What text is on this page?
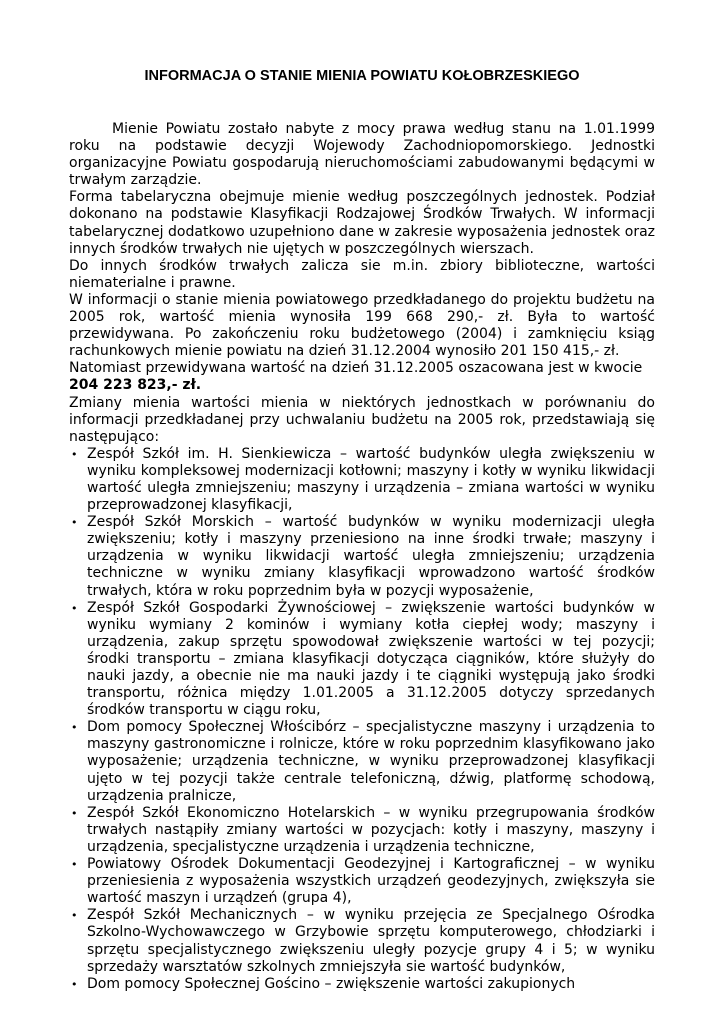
INFORMACJA O STANIE MIENIA POWIATU KOŁOBRZESKIEGO

Mienie Powiatu zostało nabyte z mocy prawa według stanu na 1.01.1999 roku na podstawie decyzji Wojewody Zachodniopomorskiego. Jednostki organizacyjne Powiatu gospodarują nieruchomościami zabudowanymi będącymi w trwałym zarządzie.

Forma tabelaryczna obejmuje mienie według poszczególnych jednostek. Podział dokonano na podstawie Klasyfikacji Rodzajowej Środków Trwałych. W informacji tabelarycznej dodatkowo uzupełniono dane w zakresie wyposażenia jednostek oraz innych środków trwałych nie ujętych w poszczególnych wierszach.

Do innych środków trwałych zalicza sie m.in. zbiory biblioteczne, wartości niematerialne i prawne.

W informacji o stanie mienia powiatowego przedkładanego do projektu budżetu na 2005 rok, wartość mienia wynosiła 199 668 290,- zł. Była to wartość przewidywana. Po zakończeniu roku budżetowego (2004) i zamknięciu ksiąg rachunkowych mienie powiatu na dzień 31.12.2004 wynosiło 201 150 415,- zł.

Natomiast przewidywana wartość na dzień 31.12.2005 oszacowana jest w kwocie
204 223 823,- zł.

Zmiany mienia wartości mienia w niektórych jednostkach w porównaniu do informacji przedkładanej przy uchwalaniu budżetu na 2005 rok, przedstawiają się następująco:

• Zespół Szkół im. H. Sienkiewicza – wartość budynków uległa zwiększeniu w wyniku kompleksowej modernizacji kotłowni; maszyny i kotły w wyniku likwidacji wartość uległa zmniejszeniu; maszyny i urządzenia – zmiana wartości w wyniku przeprowadzonej klasyfikacji,
• Zespół Szkół Morskich – wartość budynków w wyniku modernizacji uległa zwiększeniu; kotły i maszyny przeniesiono na inne środki trwałe; maszyny i urządzenia w wyniku likwidacji wartość uległa zmniejszeniu; urządzenia techniczne w wyniku zmiany klasyfikacji wprowadzono wartość środków trwałych, która w roku poprzednim była w pozycji wyposażenie,
• Zespół Szkół Gospodarki Żywnościowej – zwiększenie wartości budynków w wyniku wymiany 2 kominów i wymiany kotła ciepłej wody; maszyny i urządzenia, zakup sprzętu spowodował zwiększenie wartości w tej pozycji; środki transportu – zmiana klasyfikacji dotycząca ciągników, które służyły do nauki jazdy, a obecnie nie ma nauki jazdy i te ciągniki występują jako środki transportu, różnica między 1.01.2005 a 31.12.2005 dotyczy sprzedanych środków transportu w ciągu roku,
• Dom pomocy Społecznej Włościbórz – specjalistyczne maszyny i urządzenia to maszyny gastronomiczne i rolnicze, które w roku poprzednim klasyfikowano jako wyposażenie; urządzenia techniczne, w wyniku przeprowadzonej klasyfikacji ujęto w tej pozycji także centrale telefoniczną, dźwig, platformę schodową, urządzenia pralnicze,
• Zespół Szkół Ekonomiczno Hotelarskich – w wyniku przegrupowania środków trwałych nastąpiły zmiany wartości w pozycjach: kotły i maszyny, maszyny i urządzenia, specjalistyczne urządzenia i urządzenia techniczne,
• Powiatowy Ośrodek Dokumentacji Geodezyjnej i Kartograficznej – w wyniku przeniesienia z wyposażenia wszystkich urządzeń geodezyjnych, zwiększyła sie wartość maszyn i urządzeń (grupa 4),
• Zespół Szkół Mechanicznych – w wyniku przejęcia ze Specjalnego Ośrodka Szkolno-Wychowawczego w Grzybowie sprzętu komputerowego, chłodziarki i sprzętu specjalistycznego zwiększeniu uległy pozycje grupy 4 i 5; w wyniku sprzedaży warsztatów szkolnych zmniejszyła sie wartość budynków,
• Dom pomocy Społecznej Gościno – zwiększenie wartości zakupionych
